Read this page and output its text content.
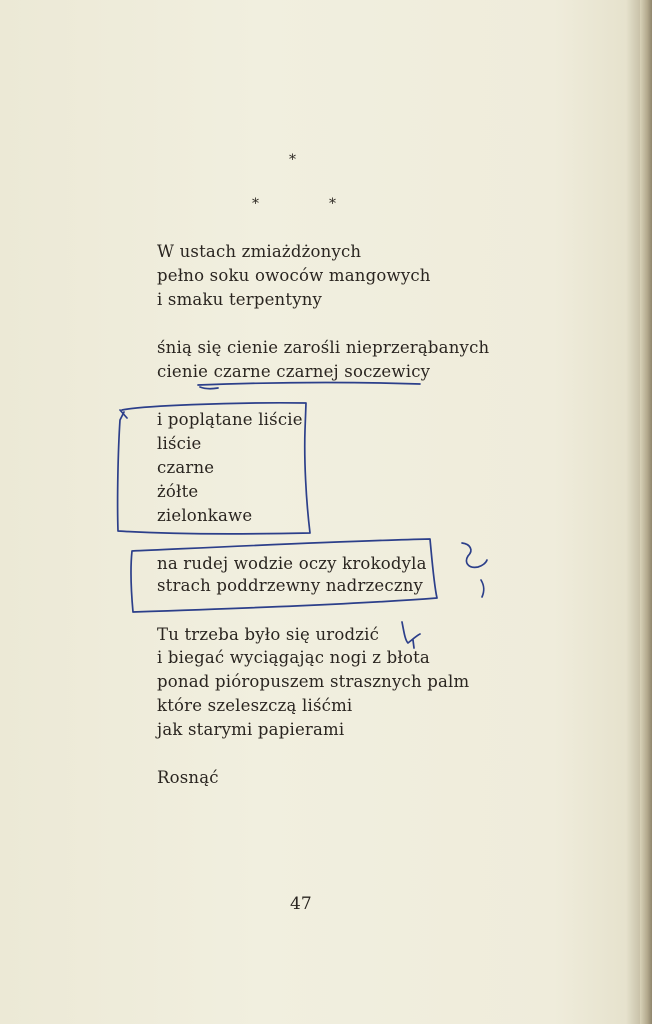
*
*	*
W ustach zmiażdżonych
pełno soku owoców mangowych
i smaku terpentyny
śnią się cienie zarośli nieprzerąbanych
cienie czarne czarnej soczewicy
i poplątane liście
liście
czarne
żółte
zielonkawe
na rudej wodzie oczy krokodyla
strach poddrzewny nadrzeczny
Tu trzeba było się urodzić
i biegać wyciągając nogi z błota
ponad pióropuszem strasznych palm
które szeleszczą liśćmi
jak starymi papierami
Rosnąć
47
